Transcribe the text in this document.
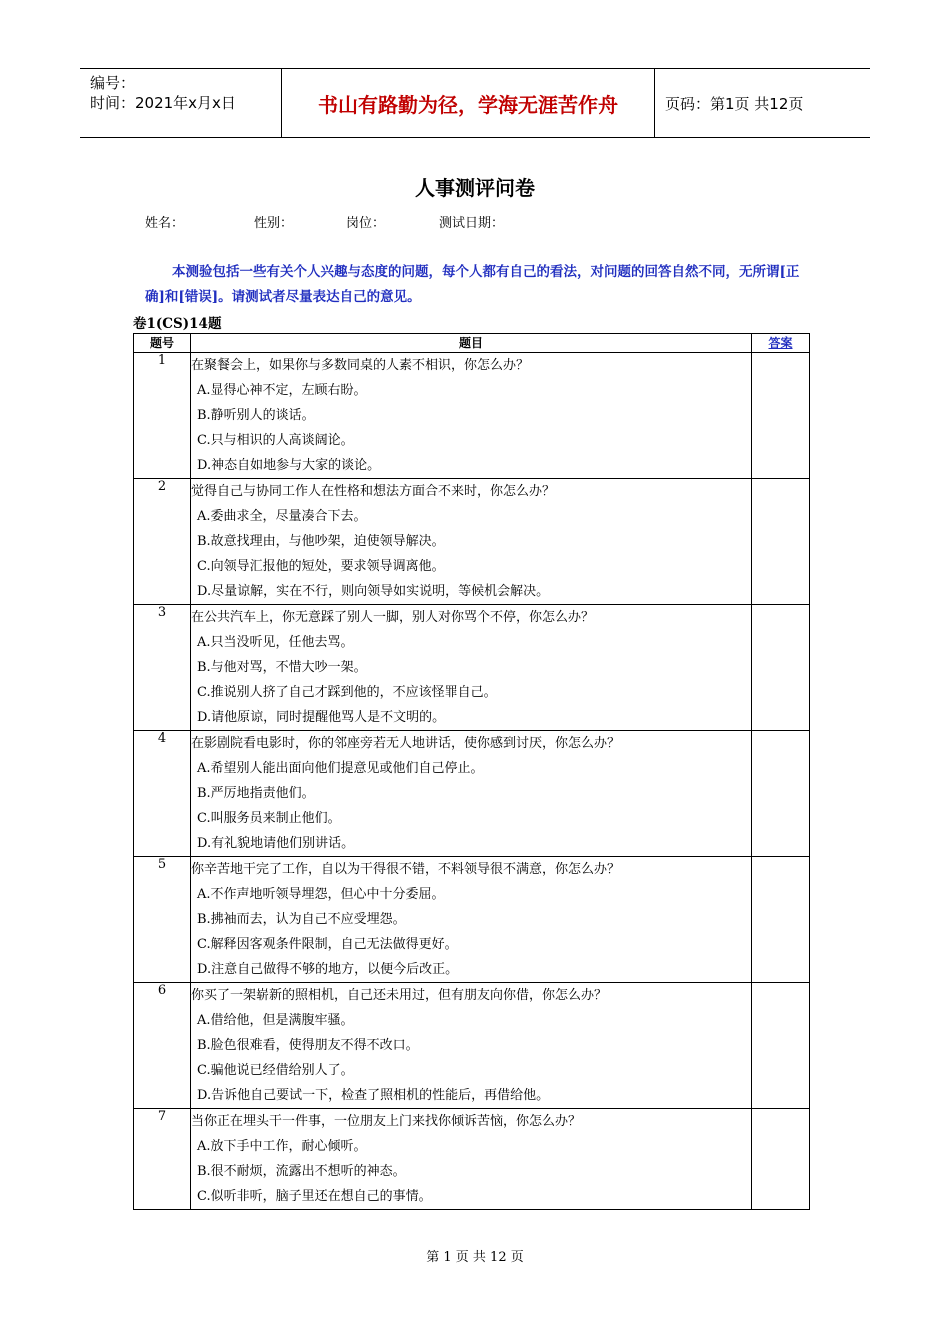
编号：
时间：2021年x月x日	书山有路勤为径，学海无涯苦作舟	页码：第1页 共12页
人事测评问卷
姓名：	性别：	岗位：	测试日期：
本测验包括一些有关个人兴趣与态度的问题，每个人都有自己的看法，对问题的回答自然不同，无所谓[正确]和[错误]。请测试者尽量表达自己的意见。
卷1(CS)14题
题号	题目	答案
1	在聚餐会上，如果你与多数同桌的人素不相识，你怎么办？
A.显得心神不定，左顾右盼。
B.静听别人的谈话。
C.只与相识的人高谈阔论。
D.神态自如地参与大家的谈论。	

2	觉得自己与协同工作人在性格和想法方面合不来时，你怎么办？
A.委曲求全，尽量凑合下去。
B.故意找理由，与他吵架，迫使领导解决。
C.向领导汇报他的短处，要求领导调离他。
D.尽量谅解，实在不行，则向领导如实说明，等候机会解决。	

3	在公共汽车上，你无意踩了别人一脚，别人对你骂个不停，你怎么办？
A.只当没听见，任他去骂。
B.与他对骂，不惜大吵一架。
C.推说别人挤了自己才踩到他的，不应该怪罪自己。
D.请他原谅，同时提醒他骂人是不文明的。	

4	在影剧院看电影时，你的邻座旁若无人地讲话，使你感到讨厌，你怎么办？
A.希望别人能出面向他们提意见或他们自己停止。
B.严厉地指责他们。
C.叫服务员来制止他们。
D.有礼貌地请他们别讲话。	

5	你辛苦地干完了工作，自以为干得很不错，不料领导很不满意，你怎么办？
A.不作声地听领导埋怨，但心中十分委屈。
B.拂袖而去，认为自己不应受埋怨。
C.解释因客观条件限制，自己无法做得更好。
D.注意自己做得不够的地方，以便今后改正。	

6	你买了一架崭新的照相机，自己还未用过，但有朋友向你借，你怎么办？
A.借给他，但是满腹牢骚。
B.脸色很难看，使得朋友不得不改口。
C.骗他说已经借给别人了。
D.告诉他自己要试一下，检查了照相机的性能后，再借给他。	

7	当你正在埋头干一件事，一位朋友上门来找你倾诉苦恼，你怎么办？
A.放下手中工作，耐心倾听。
B.很不耐烦，流露出不想听的神态。
C.似听非听，脑子里还在想自己的事情。	

第 1 页 共 12 页
